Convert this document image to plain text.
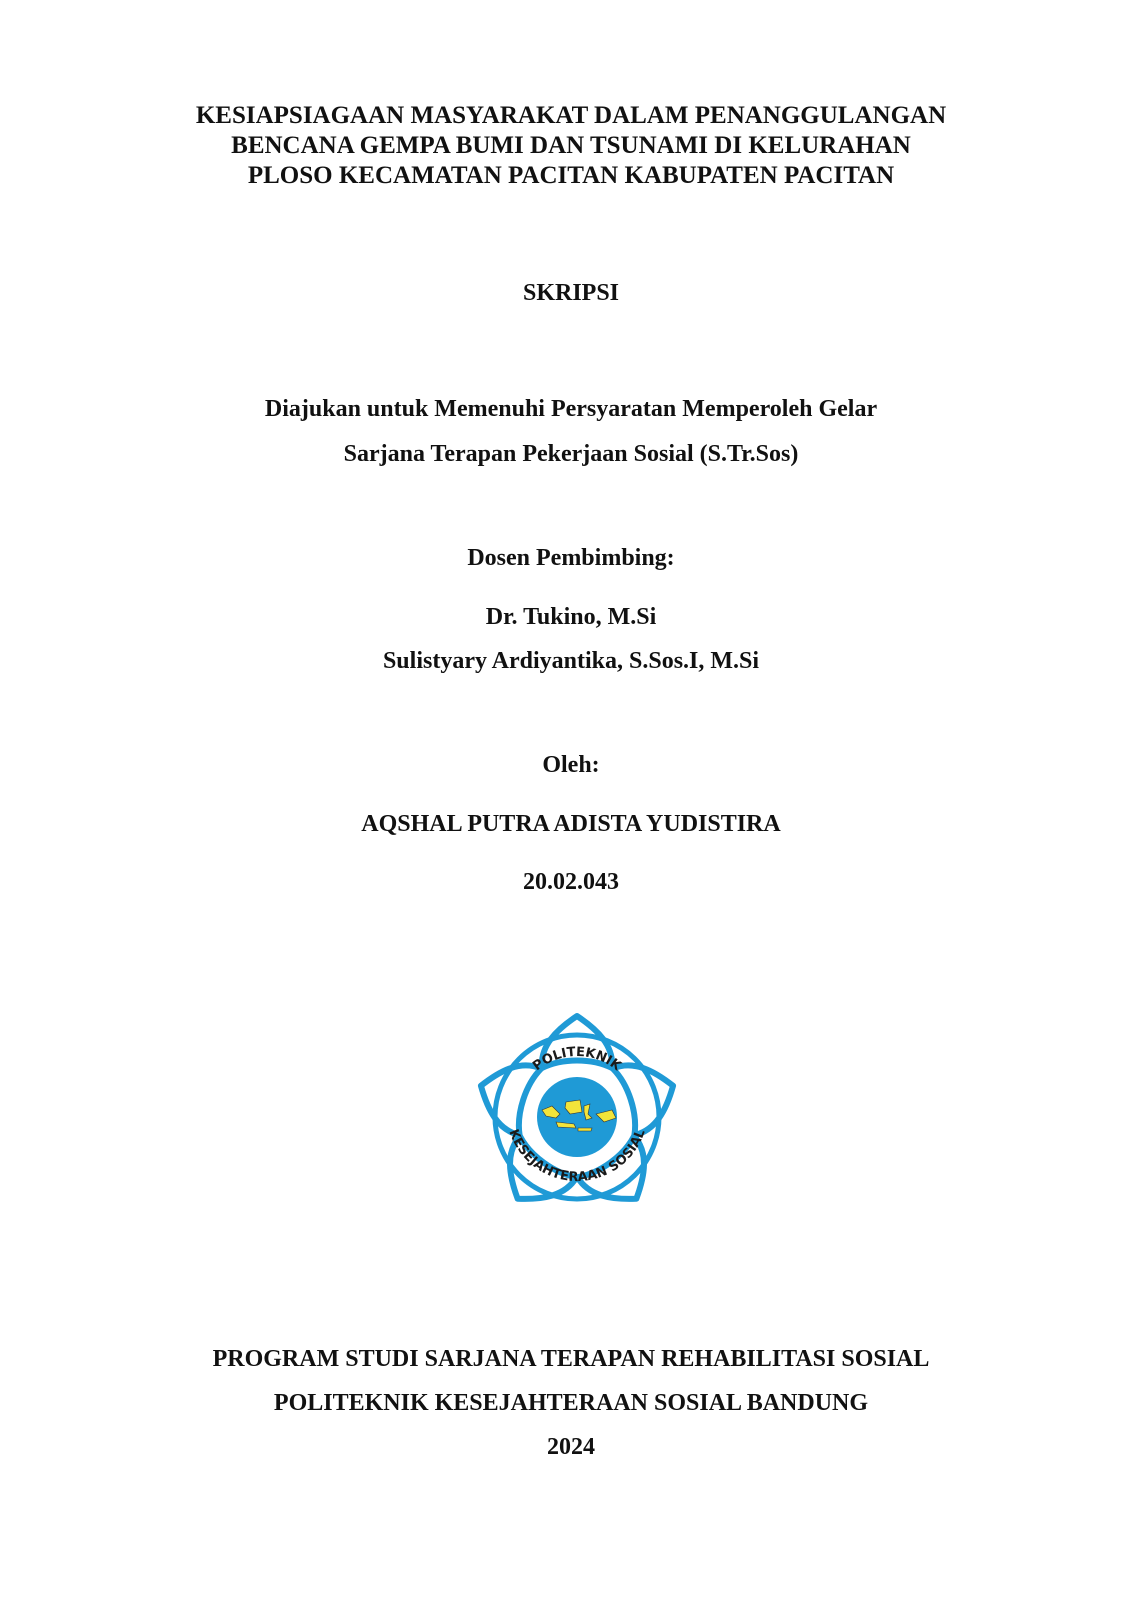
KESIAPSIAGAAN MASYARAKAT DALAM PENANGGULANGAN
BENCANA GEMPA BUMI DAN TSUNAMI DI KELURAHAN
PLOSO KECAMATAN PACITAN KABUPATEN PACITAN
SKRIPSI
Diajukan untuk Memenuhi Persyaratan Memperoleh Gelar
Sarjana Terapan Pekerjaan Sosial (S.Tr.Sos)
Dosen Pembimbing:
Dr. Tukino, M.Si
Sulistyary Ardiyantika, S.Sos.I, M.Si
Oleh:
AQSHAL PUTRA ADISTA YUDISTIRA
20.02.043
POLITEKNIK
KESEJAHTERAAN SOSIAL
PROGRAM STUDI SARJANA TERAPAN REHABILITASI SOSIAL
POLITEKNIK KESEJAHTERAAN SOSIAL BANDUNG
2024
